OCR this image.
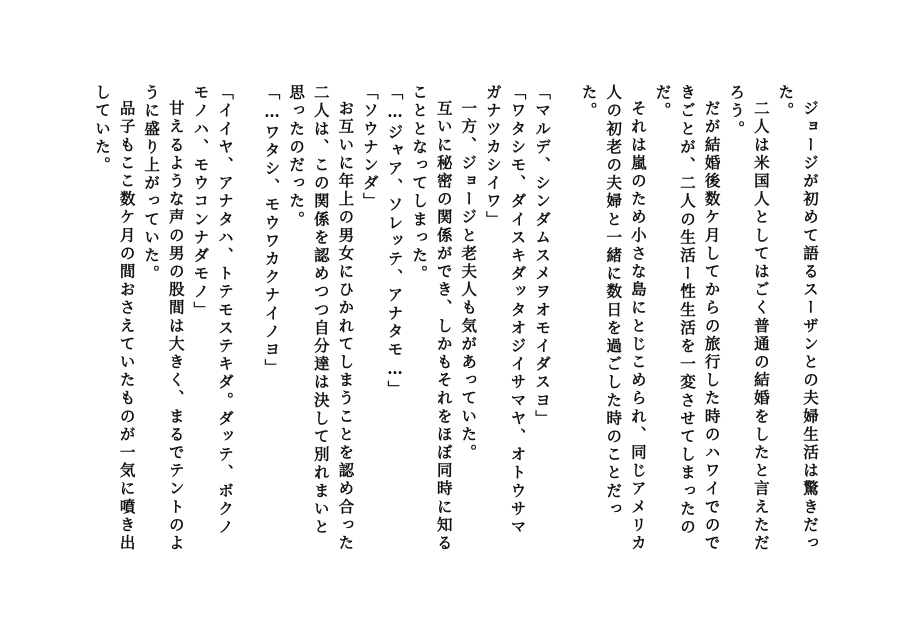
ジョージが初めて語るスーザンとの夫婦生活は驚きだった。

二人は米国人としてはごく普通の結婚をしたと言えただろう。

だが結婚後数ケ月してからの旅行した時のハワイでのできごとが、二人の生活ー性生活を一変させてしまったのだ。

それは嵐のため小さな島にとじこめられ、同じアメリカ人の初老の夫婦と一緒に数日を過ごした時のことだった。

「マルデ、シンダムスメヲオモイダスヨ」

「ワタシモ、ダイスキダッタオジイサマヤ、オトウサマガナツカシイワ」

一方、ジョージと老夫人も気があっていた。

互いに秘密の関係ができ、しかもそれをほぼ同時に知ることとなってしまった。

「…ジャア、ソレッテ、アナタモ…」

「ソウナンダ」

お互いに年上の男女にひかれてしまうことを認め合った二人は、この関係を認めつつ自分達は決して別れまいと思ったのだった。

「…ワタシ、モウワカクナイノヨ」

「イイヤ、アナタハ、トテモステキダ。ダッテ、ボクノモノハ、モウコンナダモノ」

甘えるような声の男の股間は大きく、まるでテントのように盛り上がっていた。

品子もここ数ケ月の間おさえていたものが一気に噴き出していた。
